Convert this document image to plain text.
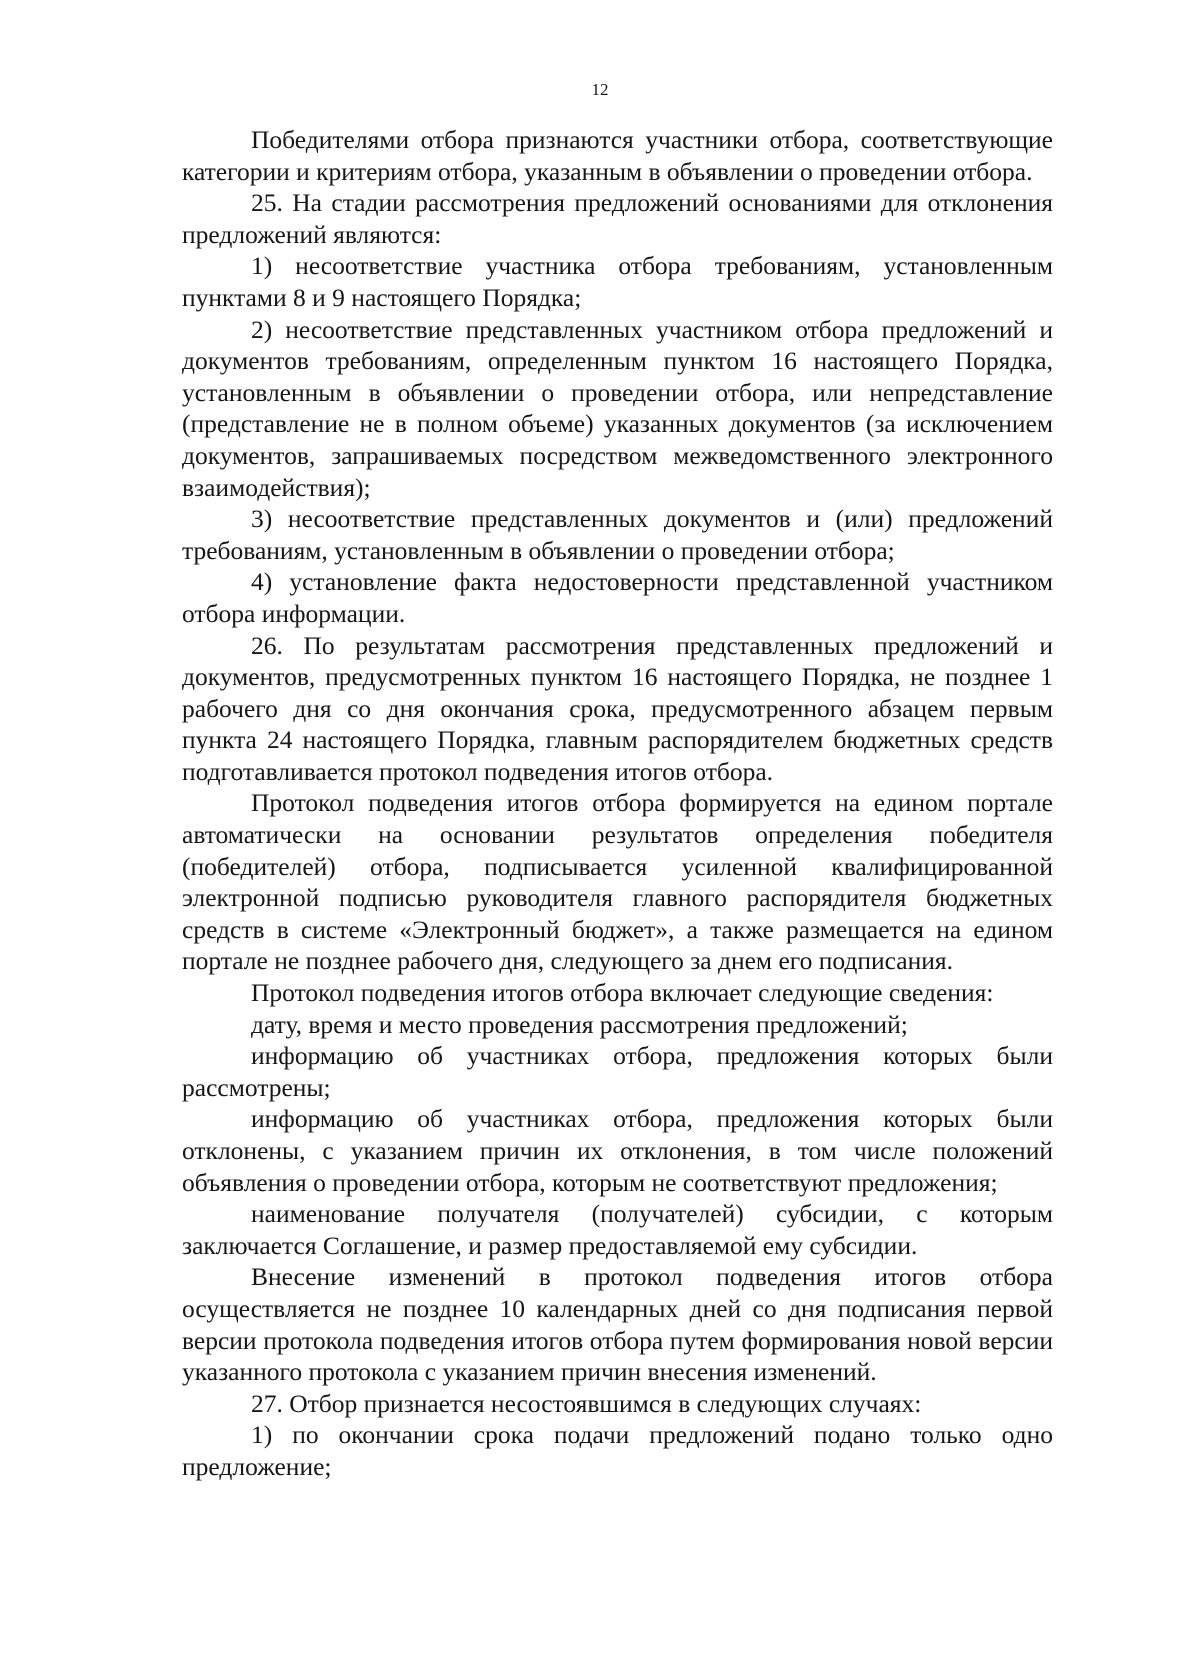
12

Победителями отбора признаются участники отбора, соответствующие категории и критериям отбора, указанным в объявлении о проведении отбора.

25. На стадии рассмотрения предложений основаниями для отклонения предложений являются:

1) несоответствие участника отбора требованиям, установленным пунктами 8 и 9 настоящего Порядка;

2) несоответствие представленных участником отбора предложений и документов требованиям, определенным пунктом 16 настоящего Порядка, установленным в объявлении о проведении отбора, или непредставление (представление не в полном объеме) указанных документов (за исключением документов, запрашиваемых посредством межведомственного электронного взаимодействия);

3) несоответствие представленных документов и (или) предложений требованиям, установленным в объявлении о проведении отбора;

4) установление факта недостоверности представленной участником отбора информации.

26. По результатам рассмотрения представленных предложений и документов, предусмотренных пунктом 16 настоящего Порядка, не позднее 1 рабочего дня со дня окончания срока, предусмотренного абзацем первым пункта 24 настоящего Порядка, главным распорядителем бюджетных средств подготавливается протокол подведения итогов отбора.

Протокол подведения итогов отбора формируется на едином портале автоматически на основании результатов определения победителя (победителей) отбора, подписывается усиленной квалифицированной электронной подписью руководителя главного распорядителя бюджетных средств в системе «Электронный бюджет», а также размещается на едином портале не позднее рабочего дня, следующего за днем его подписания.

Протокол подведения итогов отбора включает следующие сведения:

дату, время и место проведения рассмотрения предложений;

информацию об участниках отбора, предложения которых были рассмотрены;

информацию об участниках отбора, предложения которых были отклонены, с указанием причин их отклонения, в том числе положений объявления о проведении отбора, которым не соответствуют предложения;

наименование получателя (получателей) субсидии, с которым заключается Соглашение, и размер предоставляемой ему субсидии.

Внесение изменений в протокол подведения итогов отбора осуществляется не позднее 10 календарных дней со дня подписания первой версии протокола подведения итогов отбора путем формирования новой версии указанного протокола с указанием причин внесения изменений.

27. Отбор признается несостоявшимся в следующих случаях:

1) по окончании срока подачи предложений подано только одно предложение;
